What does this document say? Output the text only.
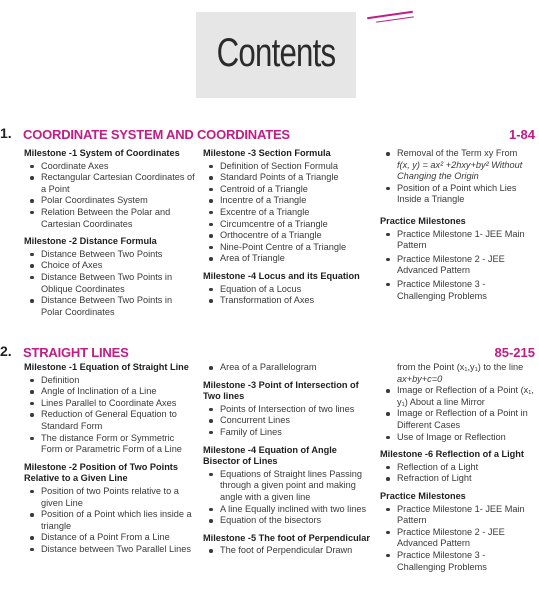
Contents
1. COORDINATE SYSTEM AND COORDINATES	1-84
Milestone -1 System of Coordinates
Coordinate Axes
Rectangular Cartesian Coordinates of a Point
Polar Coordinates System
Relation Between the Polar and Cartesian Coordinates
Milestone -2 Distance Formula
Distance Between Two Points
Choice of Axes
Distance Between Two Points in Oblique Coordinates
Distance Between Two Points in Polar Coordinates
Milestone -3 Section Formula
Definition of Section Formula
Standard Points of a Triangle
Centroid of a Triangle
Incentre of a Triangle
Excentre of a Triangle
Circumcentre of a Triangle
Orthocentre of a Triangle
Nine-Point Centre of a Triangle
Area of Triangle
Milestone -4 Locus and its Equation
Equation of a Locus
Transformation of Axes
Removal of the Term xy From
f(x, y) = ax² +2hxy+by² Without Changing the Origin
Position of a Point which Lies Inside a Triangle
Practice Milestones
Practice Milestone 1- JEE Main Pattern
Practice Milestone 2 - JEE Advanced Pattern
Practice Milestone 3 - Challenging Problems
2. STRAIGHT LINES	85-215
Milestone -1 Equation of Straight Line
Definition
Angle of Inclination of a Line
Lines Parallel to Coordinate Axes
Reduction of General Equation to Standard Form
The distance Form or Symmetric Form or Parametric Form of a Line
Milestone -2 Position of Two Points Relative to a Given Line
Position of two Points relative to a given Line
Position of a Point which lies inside a triangle
Distance of a Point From a Line
Distance between Two Parallel Lines
Area of a Parallelogram
Milestone -3 Point of Intersection of Two lines
Points of Intersection of two lines
Concurrent Lines
Family of Lines
Milestone -4 Equation of Angle Bisector of Lines
Equations of Straight lines Passing through a given point and making angle with a given line
A line Equally inclined with two lines
Equation of the bisectors
Milestone -5 The foot of Perpendicular
The foot of Perpendicular Drawn
from the Point (x₁,y₁) to the line
ax+by+c=0
Image or Reflection of a Point (x₁, y₁) About a line Mirror
Image or Reflection of a Point in Different Cases
Use of Image or Reflection
Milestone -6 Reflection of a Light
Reflection of a Light
Refraction of Light
Practice Milestones
Practice Milestone 1- JEE Main Pattern
Practice Milestone 2 - JEE Advanced Pattern
Practice Milestone 3 - Challenging Problems
